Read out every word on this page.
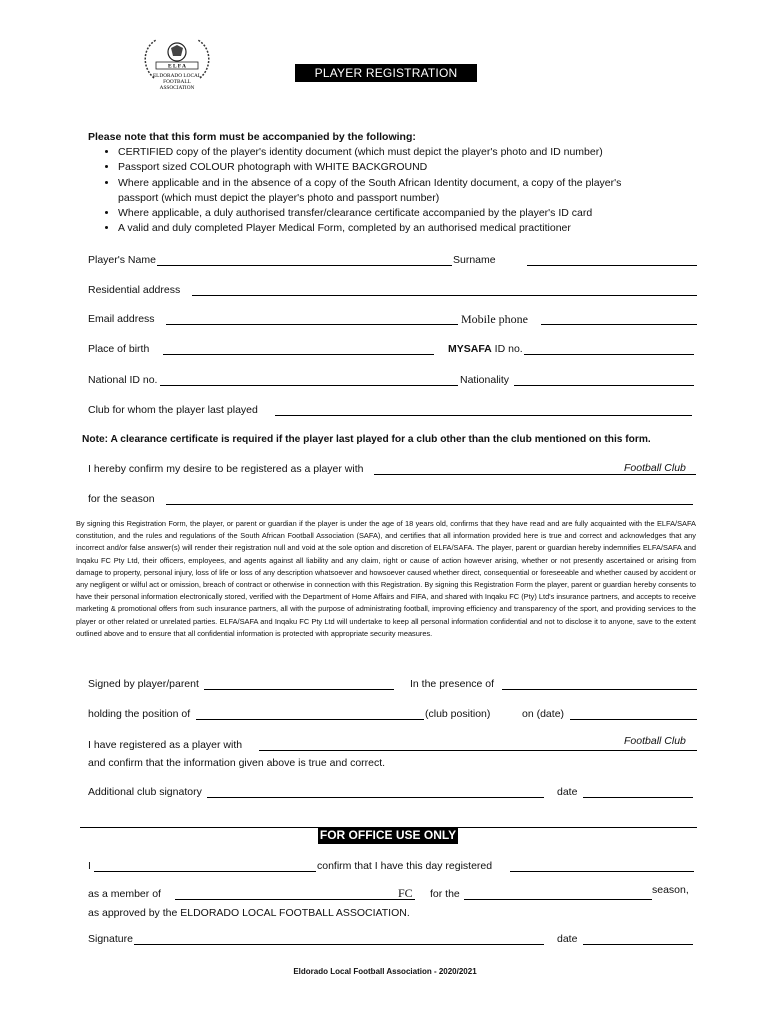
E L F A
ELDORADO LOCAL
FOOTBALL
ASSOCIATION
PLAYER REGISTRATION FORM
Please note that this form must be accompanied by the following:
• CERTIFIED copy of the player's identity document (which must depict the player's photo and ID number)
• Passport sized COLOUR photograph with WHITE BACKGROUND
• Where applicable and in the absence of a copy of the South African Identity document, a copy of the player's passport (which must depict the player's photo and passport number)
• Where applicable, a duly authorised transfer/clearance certificate accompanied by the player's ID card
• A valid and duly completed Player Medical Form, completed by an authorised medical practitioner
Player's Name	Surname
Residential address
Email address	Mobile phone
Place of birth	MYSAFA ID no.
National ID no.	Nationality
Club for whom the player last played
Note: A clearance certificate is required if the player last played for a club other than the club mentioned on this form.
I hereby confirm my desire to be registered as a player with	Football Club
for the season
By signing this Registration Form, the player, or parent or guardian if the player is under the age of 18 years old, confirms that they have read and are fully acquainted with the ELFA/SAFA constitution, and the rules and regulations of the South African Football Association (SAFA), and certifies that all information provided here is true and correct and acknowledges that any incorrect and/or false answer(s) will render their registration null and void at the sole option and discretion of ELFA/SAFA. The player, parent or guardian hereby indemnifies ELFA/SAFA and Inqaku FC Pty Ltd, their officers, employees, and agents against all liability and any claim, right or cause of action however arising, whether or not presently ascertained or arising from damage to property, personal injury, loss of life or loss of any description whatsoever and howsoever caused whether direct, consequential or foreseeable and whether caused by accident or any negligent or wilful act or omission, breach of contract or otherwise in connection with this Registration. By signing this Registration Form the player, parent or guardian hereby consents to have their personal information electronically stored, verified with the Department of Home Affairs and FIFA, and shared with Inqaku FC (Pty) Ltd's insurance partners, and accepts to receive marketing & promotional offers from such insurance partners, all with the purpose of administrating football, improving efficiency and transparency of the sport, and providing services to the player or other related or unrelated parties. ELFA/SAFA and Inqaku FC Pty Ltd will undertake to keep all personal information confidential and not to disclose it to anyone, save to the extent outlined above and to ensure that all confidential information is protected with appropriate security measures.
Signed by player/parent	In the presence of
holding the position of	(club position)	on (date)
I have registered as a player with	Football Club
and confirm that the information given above is true and correct.
Additional club signatory	date
FOR OFFICE USE ONLY
I	confirm that I have this day registered
as a member of	FC for the	season,
as approved by the ELDORADO LOCAL FOOTBALL ASSOCIATION.
Signature	date
Eldorado Local Football Association - 2020/2021
